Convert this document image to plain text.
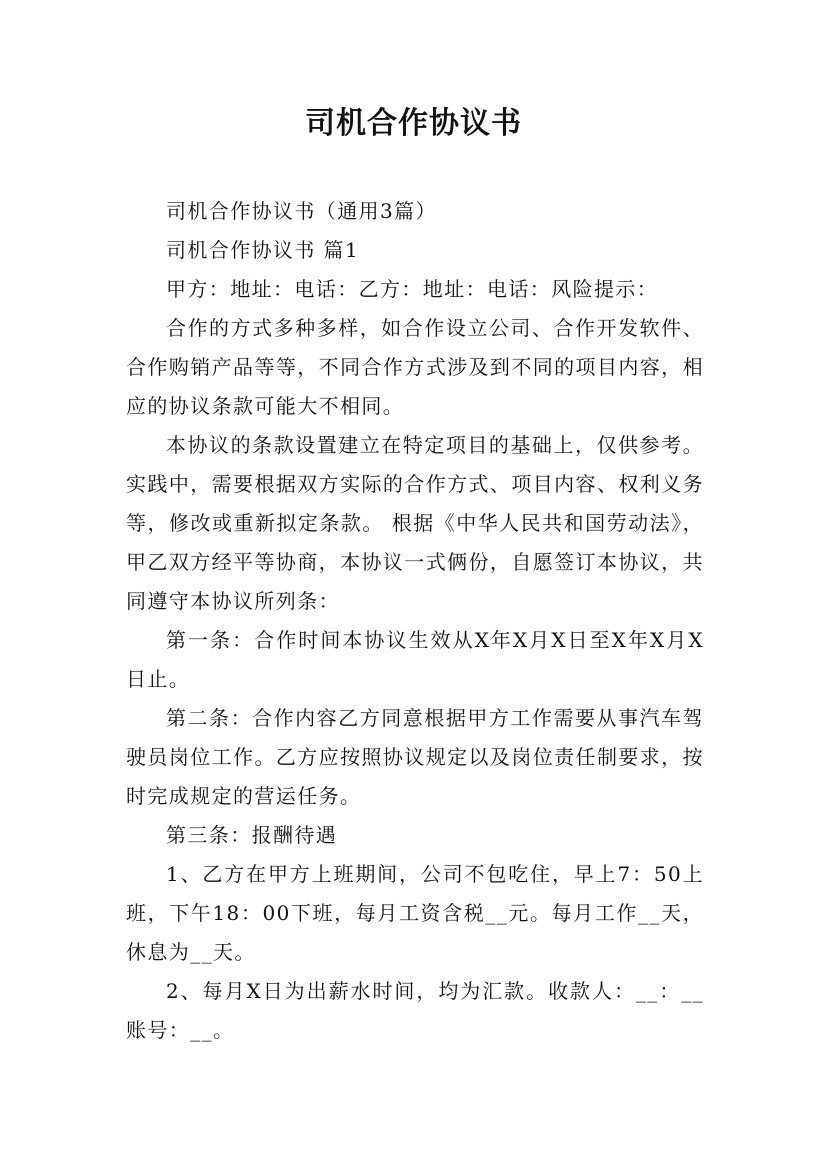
司机合作协议书

司机合作协议书（通用3篇）

司机合作协议书 篇1

甲方：地址：电话：乙方：地址：电话：风险提示：

合作的方式多种多样，如合作设立公司、合作开发软件、合作购销产品等等，不同合作方式涉及到不同的项目内容，相应的协议条款可能大不相同。

本协议的条款设置建立在特定项目的基础上，仅供参考。实践中，需要根据双方实际的合作方式、项目内容、权利义务等，修改或重新拟定条款。 根据《中华人民共和国劳动法》，甲乙双方经平等协商，本协议一式俩份，自愿签订本协议，共同遵守本协议所列条：

第一条：合作时间本协议生效从X年X月X日至X年X月X日止。

第二条：合作内容乙方同意根据甲方工作需要从事汽车驾驶员岗位工作。乙方应按照协议规定以及岗位责任制要求，按时完成规定的营运任务。

第三条：报酬待遇

1、乙方在甲方上班期间，公司不包吃住，早上7：50上班，下午18：00下班，每月工资含税__元。每月工作__天，休息为__天。

2、每月X日为出薪水时间，均为汇款。收款人：__：__账号：__。
